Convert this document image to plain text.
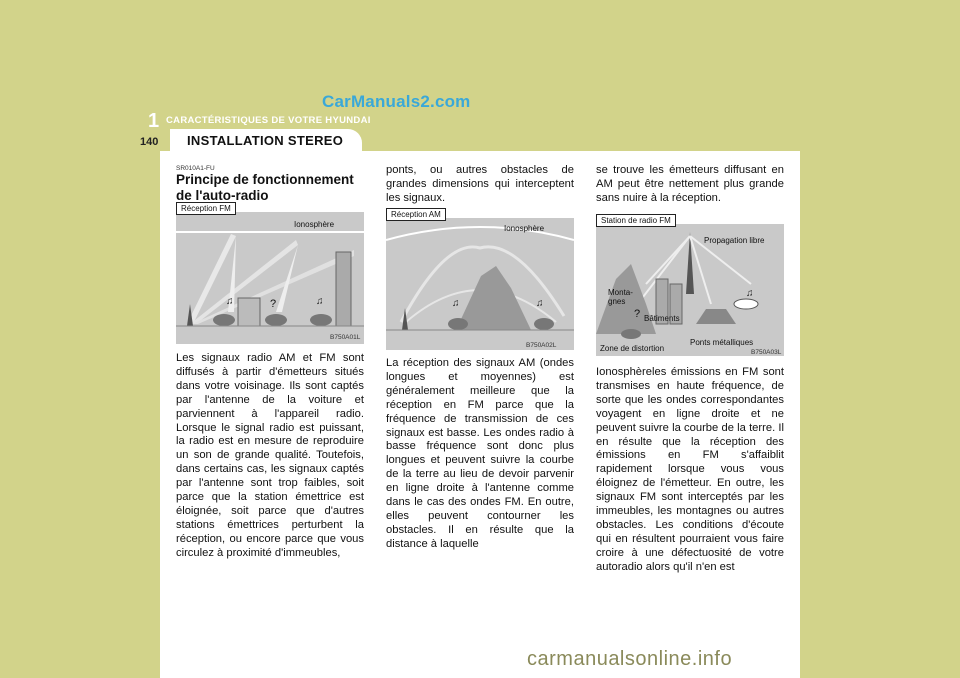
CarManuals2.com
1 CARACTÉRISTIQUES DE VOTRE HYUNDAI
INSTALLATION STEREO
140
SR010A1-FU
Principe de fonctionnement de l'auto-radio
♫	♫
Réception FM
Ionosphère
?
B750A01L

Les signaux radio AM et FM sont diffusés à partir d'émetteurs situés dans votre voisinage. Ils sont captés par l'antenne de la voiture et parviennent à l'appareil radio. Lorsque le signal radio est puissant, la radio est en mesure de reproduire un son de grande qualité. Toutefois, dans certains cas, les signaux captés par l'antenne sont trop faibles, soit parce que la station émettrice est éloignée, soit parce que d'autres stations émettrices perturbent la réception, ou encore parce que vous circulez à proximité d'immeubles,

ponts, ou autres obstacles de grandes dimensions qui interceptent les signaux.

♫	♫
Réception AM
Ionosphère
B750A02L

La réception des signaux AM (ondes longues et moyennes) est généralement meilleure que la réception en FM parce que la fréquence de transmission de ces signaux est basse. Les ondes radio à basse fréquence sont donc plus longues et peuvent suivre la courbe de la terre au lieu de devoir parvenir en ligne droite à l'antenne comme dans le cas des ondes FM. En outre, elles peuvent contourner les obstacles. Il en résulte que la distance à laquelle

se trouve les émetteurs diffusant en AM peut être nettement plus grande sans nuire à la réception.

♫
Station de radio FM
Propagation libre
Monta-
gnes
? Bâtiments
Zone de distortion
Ponts métalliques
B750A03L

Ionosphèreles émissions en FM sont transmises en haute fréquence, de sorte que les ondes correspondantes voyagent en ligne droite et ne peuvent suivre la courbe de la terre. Il en résulte que la réception des émissions en FM s'affaiblit rapidement lorsque vous vous éloignez de l'émetteur. En outre, les signaux FM sont interceptés par les immeubles, les montagnes ou autres obstacles. Les conditions d'écoute qui en résultent pourraient vous faire croire à une défectuosité de votre autoradio alors qu'il n'en est

carmanualsonline.info
